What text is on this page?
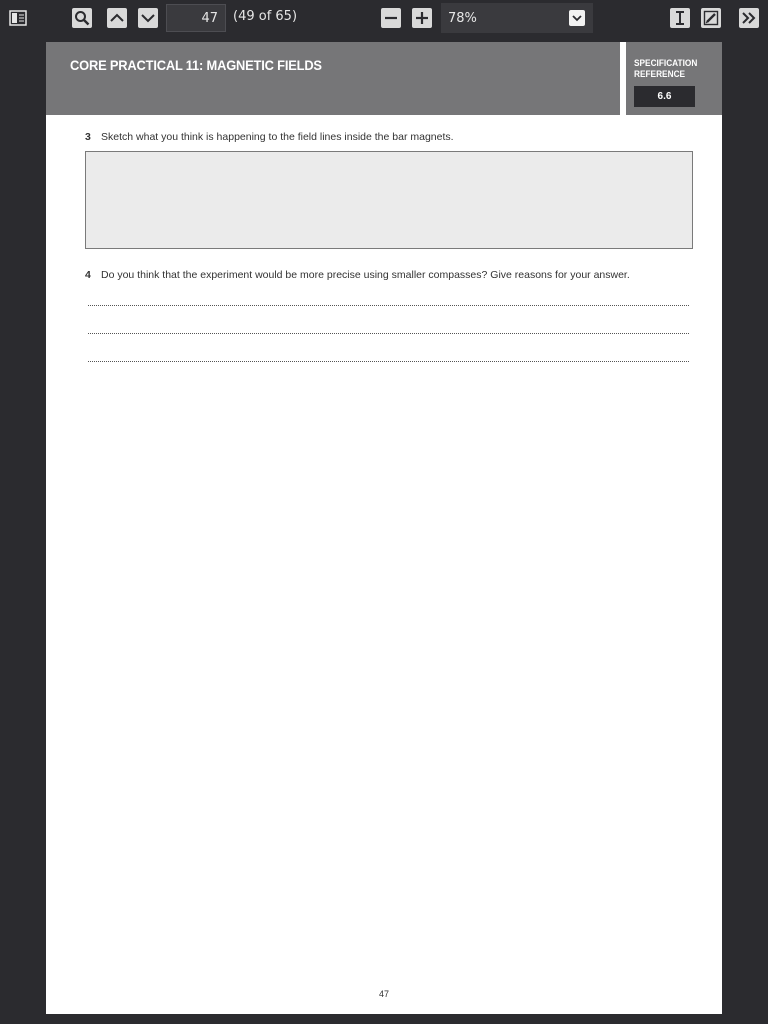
47
(49 of 65)	78%
CORE PRACTICAL 11: MAGNETIC FIELDS	SPECIFICATION REFERENCE
6.6
3 Sketch what you think is happening to the field lines inside the bar magnets.
4 Do you think that the experiment would be more precise using smaller compasses? Give reasons for your answer.
47
